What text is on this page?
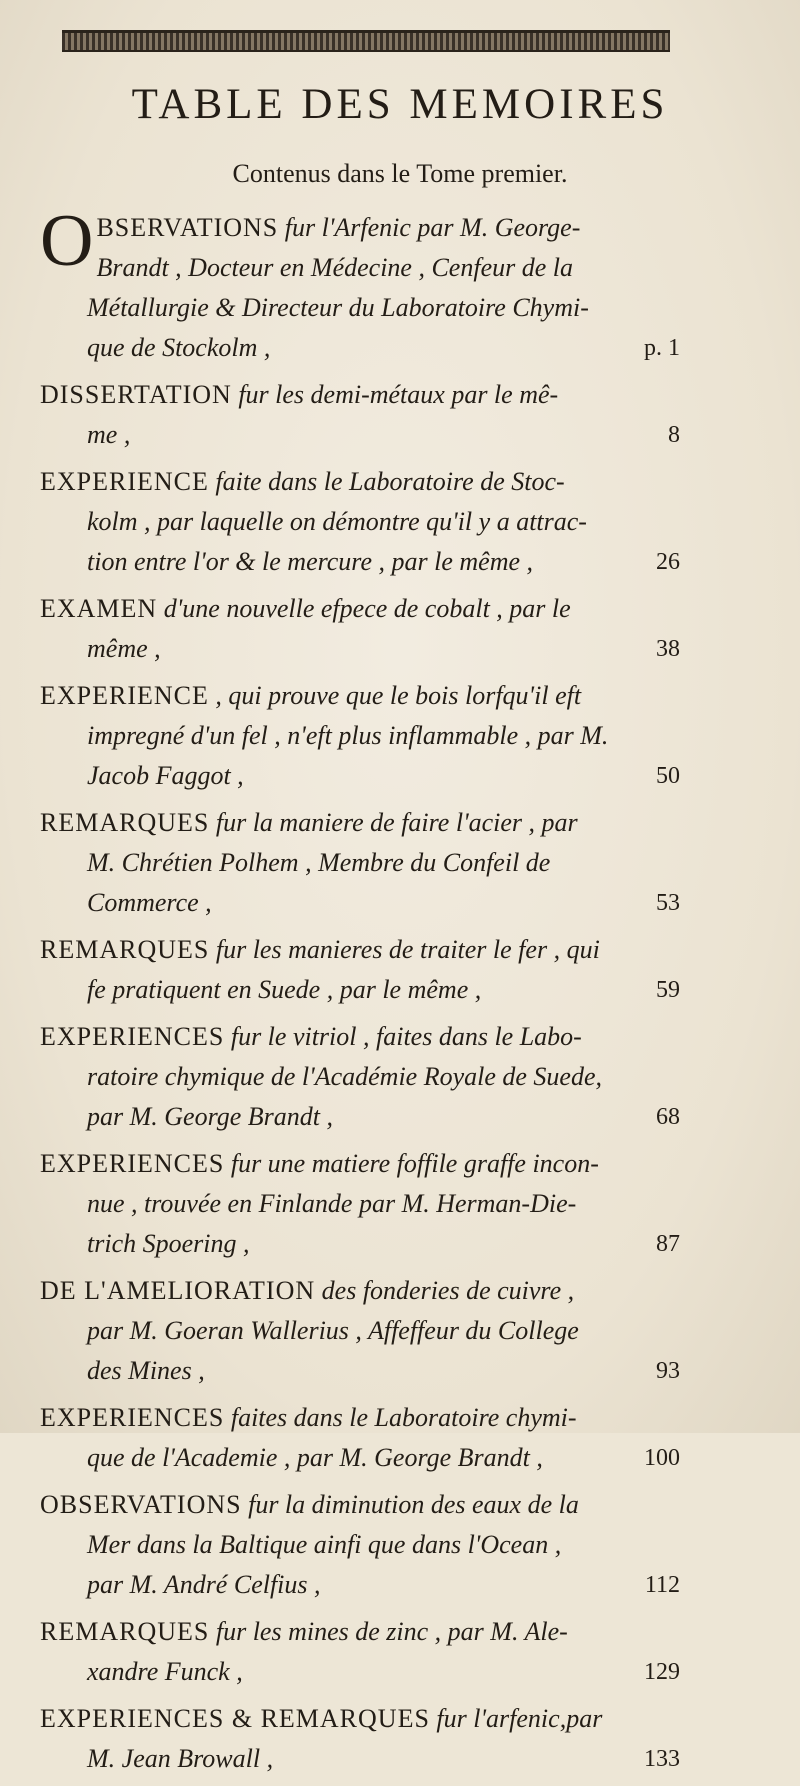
TABLE DES MEMOIRES
Contenus dans le Tome premier.
OBSERVATIONS fur l'Arfenic par M. George-
Brandt , Docteur en Médecine , Cenfeur de la
Métallurgie & Directeur du Laboratoire Chymi-
que de Stockolm ,	p. 1
DISSERTATION fur les demi-métaux par le mê-
me ,	8
EXPERIENCE faite dans le Laboratoire de Stoc-
kolm , par laquelle on démontre qu'il y a attrac-
tion entre l'or & le mercure , par le même ,	26
EXAMEN d'une nouvelle efpece de cobalt , par le
même ,	38
EXPERIENCE , qui prouve que le bois lorfqu'il eft
impregné d'un fel , n'eft plus inflammable , par M.
Jacob Faggot ,	50
REMARQUES fur la maniere de faire l'acier , par
M. Chrétien Polhem , Membre du Confeil de
Commerce ,	53
REMARQUES fur les manieres de traiter le fer , qui
fe pratiquent en Suede , par le même ,	59
EXPERIENCES fur le vitriol , faites dans le Labo-
ratoire chymique de l'Académie Royale de Suede,
par M. George Brandt ,	68
EXPERIENCES fur une matiere foffile graffe incon-
nue , trouvée en Finlande par M. Herman-Die-
trich Spoering ,	87
DE L'AMELIORATION des fonderies de cuivre ,
par M. Goeran Wallerius , Affeffeur du College
des Mines ,	93
EXPERIENCES faites dans le Laboratoire chymi-
que de l'Academie , par M. George Brandt ,	100
OBSERVATIONS fur la diminution des eaux de la
Mer dans la Baltique ainfi que dans l'Ocean ,
par M. André Celfius ,	112
REMARQUES fur les mines de zinc , par M. Ale-
xandre Funck ,	129
EXPERIENCES & REMARQUES fur l'arfenic,par
M. Jean Browall ,	133
